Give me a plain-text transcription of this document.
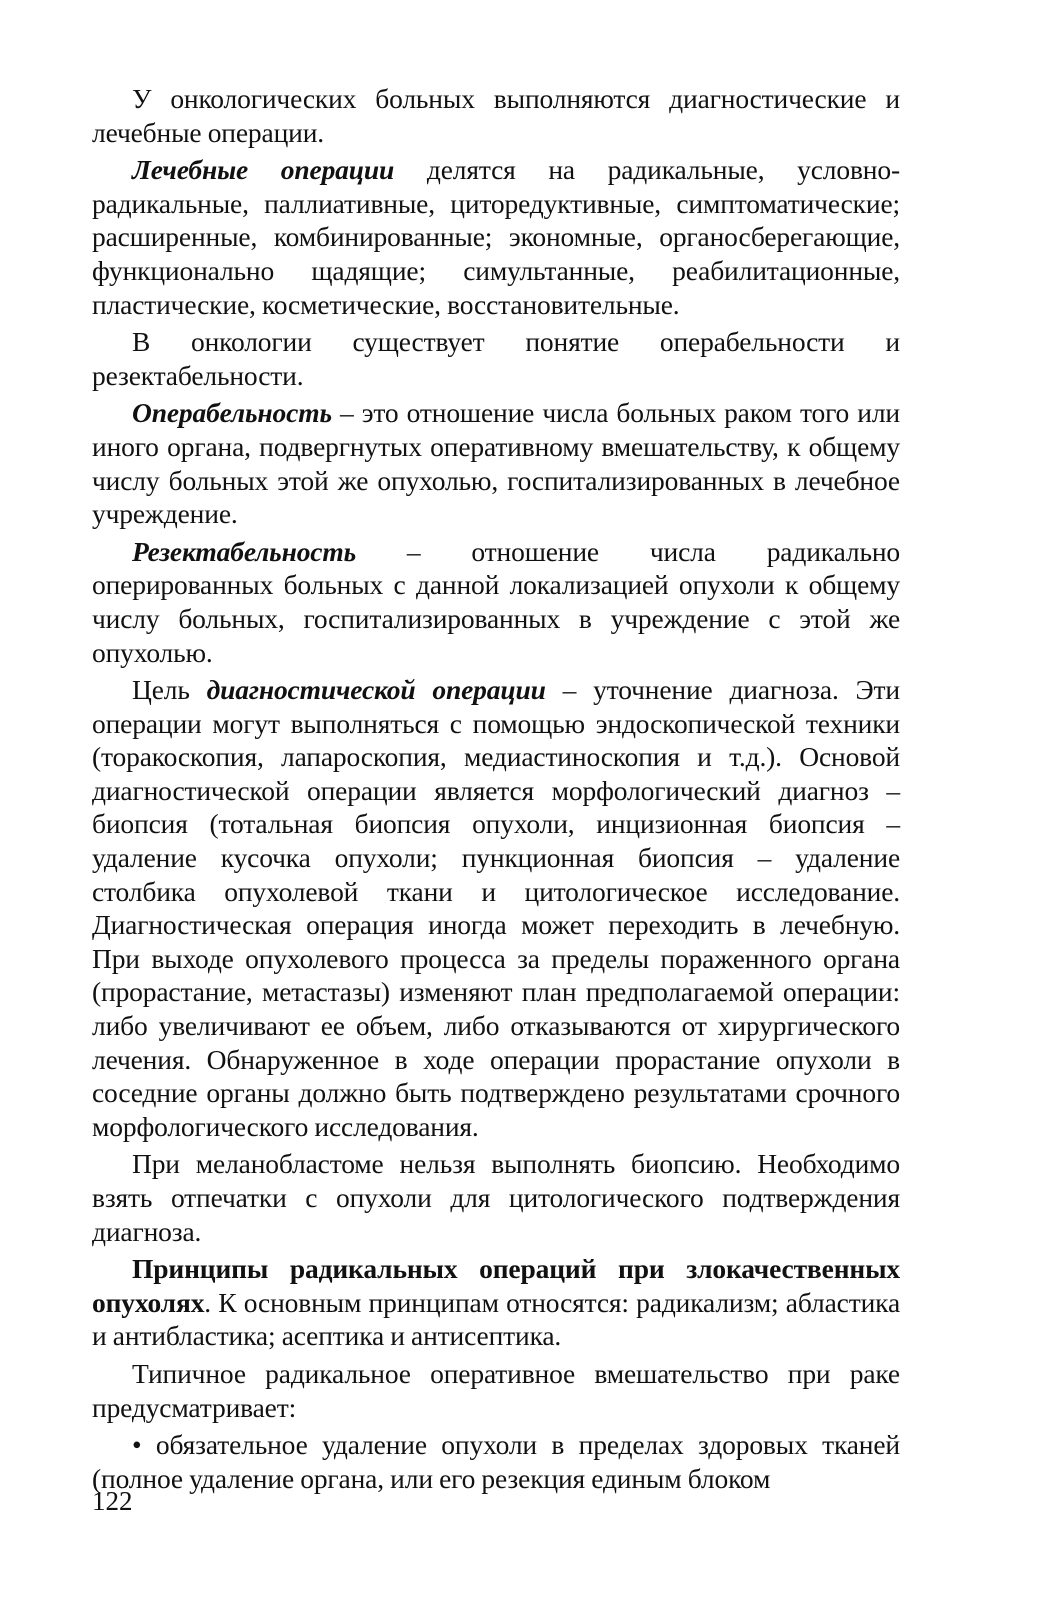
У онкологических больных выполняются диагностические и лечебные операции.

Лечебные операции делятся на радикальные, условно-радикальные, паллиативные, циторедуктивные, симптоматические; расширенные, комбинированные; экономные, органосберегающие, функционально щадящие; симультанные, реабилитационные, пластические, косметические, восстановительные.

В онкологии существует понятие операбельности и резектабельности.

Операбельность – это отношение числа больных раком того или иного органа, подвергнутых оперативному вмешательству, к общему числу больных этой же опухолью, госпитализированных в лечебное учреждение.

Резектабельность – отношение числа радикально оперированных больных с данной локализацией опухоли к общему числу больных, госпитализированных в учреждение с этой же опухолью.

Цель диагностической операции – уточнение диагноза. Эти операции могут выполняться с помощью эндоскопической техники (торакоскопия, лапароскопия, медиастиноскопия и т.д.). Основой диагностической операции является морфологический диагноз – биопсия (тотальная биопсия опухоли, инцизионная биопсия – удаление кусочка опухоли; пункционная биопсия – удаление столбика опухолевой ткани и цитологическое исследование. Диагностическая операция иногда может переходить в лечебную. При выходе опухолевого процесса за пределы пораженного органа (прорастание, метастазы) изменяют план предполагаемой операции: либо увеличивают ее объем, либо отказываются от хирургического лечения. Обнаруженное в ходе операции прорастание опухоли в соседние органы должно быть подтверждено результатами срочного морфологического исследования.

При меланобластоме нельзя выполнять биопсию. Необходимо взять отпечатки с опухоли для цитологического подтверждения диагноза.

Принципы радикальных операций при злокачественных опухолях. К основным принципам относятся: радикализм; абластика и антибластика; асептика и антисептика.

Типичное радикальное оперативное вмешательство при раке предусматривает:

• обязательное удаление опухоли в пределах здоровых тканей (полное удаление органа, или его резекция единым блоком

122
